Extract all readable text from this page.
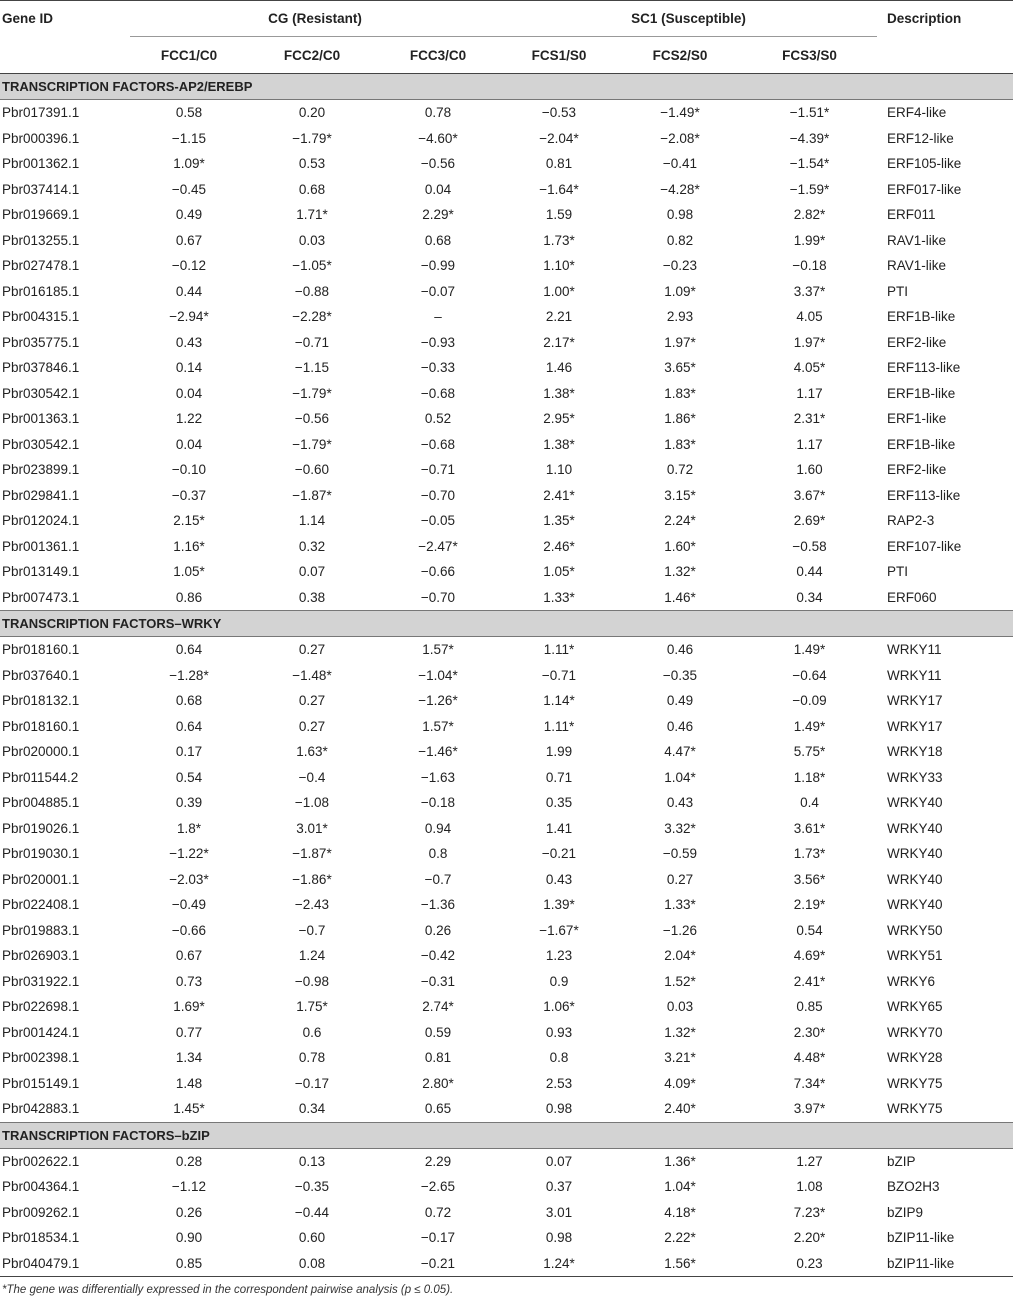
Gene ID	CG (Resistant)			SC1 (Susceptible)			Description
	FCC1/C0	FCC2/C0	FCC3/C0	FCS1/S0	FCS2/S0	FCS3/S0	
TRANSCRIPTION FACTORS-AP2/EREBP							
Pbr017391.1	0.58	0.20	0.78	−0.53	−1.49*	−1.51*	ERF4-like
Pbr000396.1	−1.15	−1.79*	−4.60*	−2.04*	−2.08*	−4.39*	ERF12-like
Pbr001362.1	1.09*	0.53	−0.56	0.81	−0.41	−1.54*	ERF105-like
Pbr037414.1	−0.45	0.68	0.04	−1.64*	−4.28*	−1.59*	ERF017-like
Pbr019669.1	0.49	1.71*	2.29*	1.59	0.98	2.82*	ERF011
Pbr013255.1	0.67	0.03	0.68	1.73*	0.82	1.99*	RAV1-like
Pbr027478.1	−0.12	−1.05*	−0.99	1.10*	−0.23	−0.18	RAV1-like
Pbr016185.1	0.44	−0.88	−0.07	1.00*	1.09*	3.37*	PTI
Pbr004315.1	−2.94*	−2.28*	–	2.21	2.93	4.05	ERF1B-like
Pbr035775.1	0.43	−0.71	−0.93	2.17*	1.97*	1.97*	ERF2-like
Pbr037846.1	0.14	−1.15	−0.33	1.46	3.65*	4.05*	ERF113-like
Pbr030542.1	0.04	−1.79*	−0.68	1.38*	1.83*	1.17	ERF1B-like
Pbr001363.1	1.22	−0.56	0.52	2.95*	1.86*	2.31*	ERF1-like
Pbr030542.1	0.04	−1.79*	−0.68	1.38*	1.83*	1.17	ERF1B-like
Pbr023899.1	−0.10	−0.60	−0.71	1.10	0.72	1.60	ERF2-like
Pbr029841.1	−0.37	−1.87*	−0.70	2.41*	3.15*	3.67*	ERF113-like
Pbr012024.1	2.15*	1.14	−0.05	1.35*	2.24*	2.69*	RAP2-3
Pbr001361.1	1.16*	0.32	−2.47*	2.46*	1.60*	−0.58	ERF107-like
Pbr013149.1	1.05*	0.07	−0.66	1.05*	1.32*	0.44	PTI
Pbr007473.1	0.86	0.38	−0.70	1.33*	1.46*	0.34	ERF060
TRANSCRIPTION FACTORS–WRKY							
Pbr018160.1	0.64	0.27	1.57*	1.11*	0.46	1.49*	WRKY11
Pbr037640.1	−1.28*	−1.48*	−1.04*	−0.71	−0.35	−0.64	WRKY11
Pbr018132.1	0.68	0.27	−1.26*	1.14*	0.49	−0.09	WRKY17
Pbr018160.1	0.64	0.27	1.57*	1.11*	0.46	1.49*	WRKY17
Pbr020000.1	0.17	1.63*	−1.46*	1.99	4.47*	5.75*	WRKY18
Pbr011544.2	0.54	−0.4	−1.63	0.71	1.04*	1.18*	WRKY33
Pbr004885.1	0.39	−1.08	−0.18	0.35	0.43	0.4	WRKY40
Pbr019026.1	1.8*	3.01*	0.94	1.41	3.32*	3.61*	WRKY40
Pbr019030.1	−1.22*	−1.87*	0.8	−0.21	−0.59	1.73*	WRKY40
Pbr020001.1	−2.03*	−1.86*	−0.7	0.43	0.27	3.56*	WRKY40
Pbr022408.1	−0.49	−2.43	−1.36	1.39*	1.33*	2.19*	WRKY40
Pbr019883.1	−0.66	−0.7	0.26	−1.67*	−1.26	0.54	WRKY50
Pbr026903.1	0.67	1.24	−0.42	1.23	2.04*	4.69*	WRKY51
Pbr031922.1	0.73	−0.98	−0.31	0.9	1.52*	2.41*	WRKY6
Pbr022698.1	1.69*	1.75*	2.74*	1.06*	0.03	0.85	WRKY65
Pbr001424.1	0.77	0.6	0.59	0.93	1.32*	2.30*	WRKY70
Pbr002398.1	1.34	0.78	0.81	0.8	3.21*	4.48*	WRKY28
Pbr015149.1	1.48	−0.17	2.80*	2.53	4.09*	7.34*	WRKY75
Pbr042883.1	1.45*	0.34	0.65	0.98	2.40*	3.97*	WRKY75
TRANSCRIPTION FACTORS–bZIP							
Pbr002622.1	0.28	0.13	2.29	0.07	1.36*	1.27	bZIP
Pbr004364.1	−1.12	−0.35	−2.65	0.37	1.04*	1.08	BZO2H3
Pbr009262.1	0.26	−0.44	0.72	3.01	4.18*	7.23*	bZIP9
Pbr018534.1	0.90	0.60	−0.17	0.98	2.22*	2.20*	bZIP11-like
Pbr040479.1	0.85	0.08	−0.21	1.24*	1.56*	0.23	bZIP11-like
*The gene was differentially expressed in the correspondent pairwise analysis (p ≤ 0.05).
